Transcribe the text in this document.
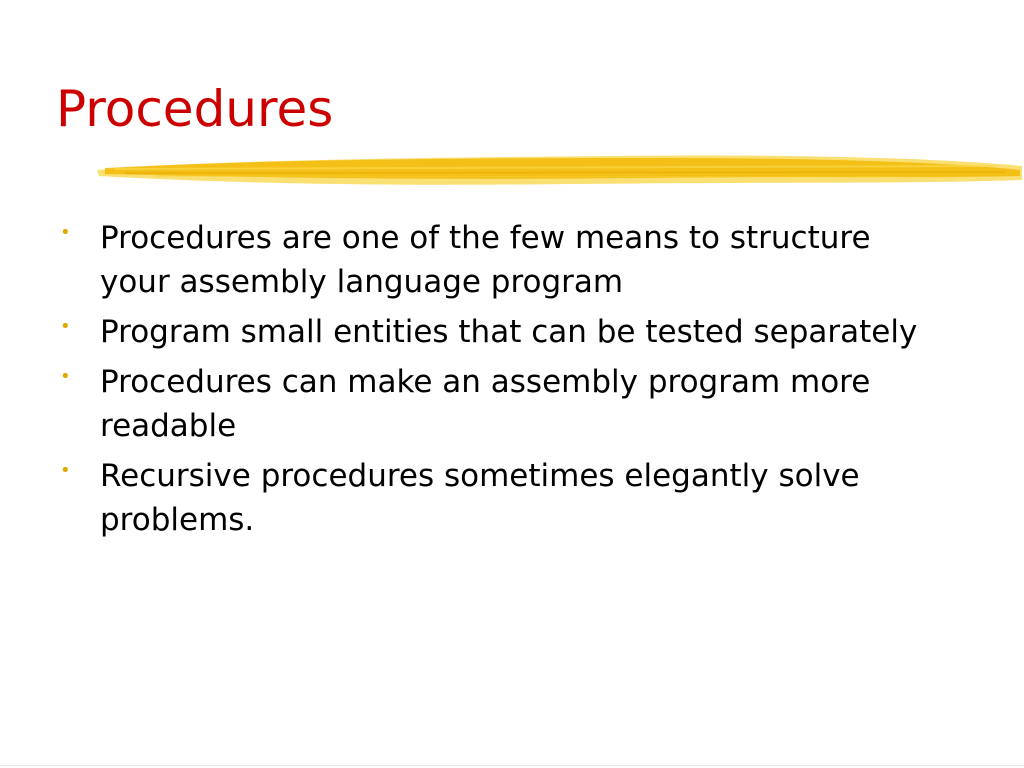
Procedures
• Procedures are one of the few means to structure your assembly language program
• Program small entities that can be tested separately
• Procedures can make an assembly program more readable
• Recursive procedures sometimes elegantly solve problems.
